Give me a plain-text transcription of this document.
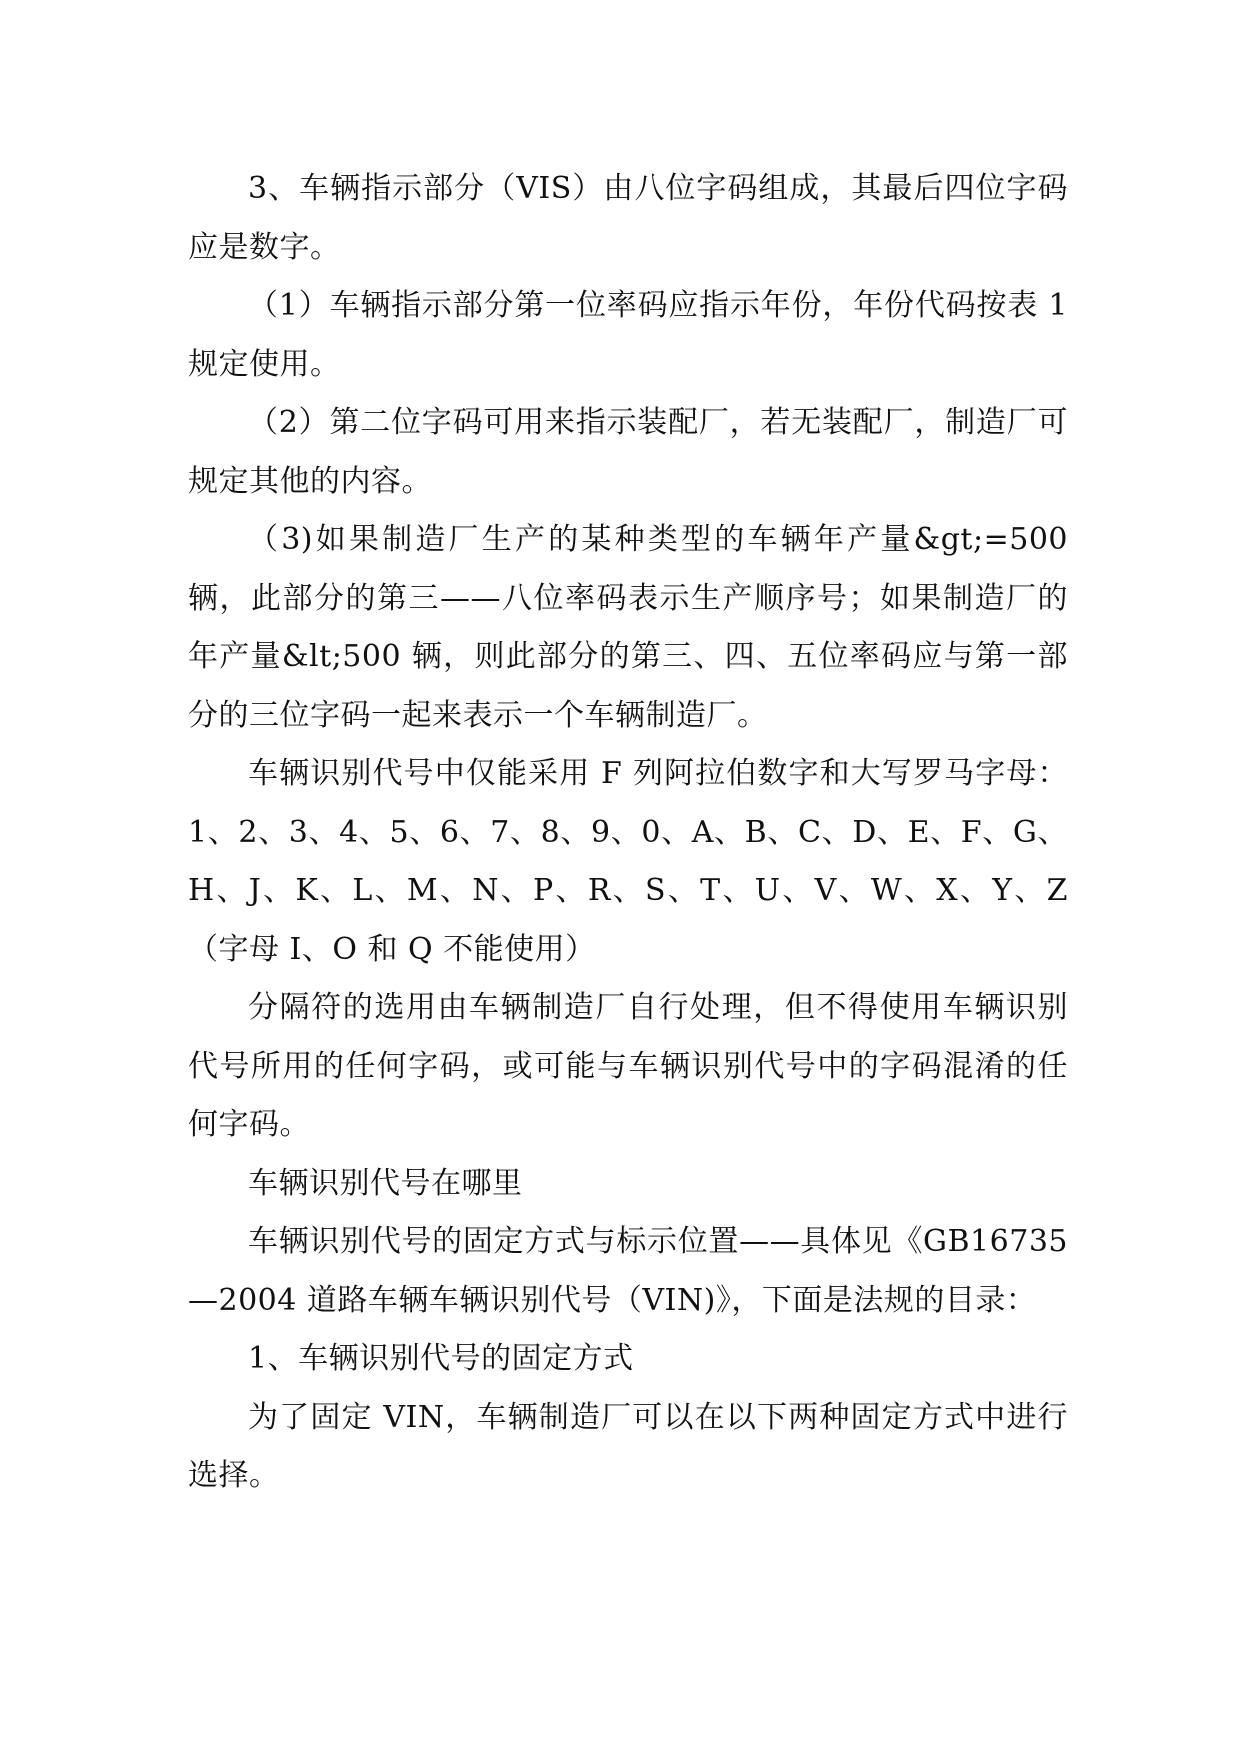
3、车辆指示部分（VIS）由八位字码组成，其最后四位字码应是数字。

（1）车辆指示部分第一位率码应指示年份，年份代码按表 1 规定使用。

（2）第二位字码可用来指示装配厂，若无装配厂，制造厂可规定其他的内容。

（3)如果制造厂生产的某种类型的车辆年产量&gt;=500 辆，此部分的第三——八位率码表示生产顺序号；如果制造厂的年产量&lt;500 辆，则此部分的第三、四、五位率码应与第一部分的三位字码一起来表示一个车辆制造厂。

车辆识别代号中仅能采用 F 列阿拉伯数字和大写罗马字母：1、2、3、4、5、6、7、8、9、0、A、B、C、D、E、F、G、H、J、K、L、M、N、P、R、S、T、U、V、W、X、Y、Z（字母 I、O 和 Q 不能使用）

分隔符的选用由车辆制造厂自行处理，但不得使用车辆识别代号所用的任何字码，或可能与车辆识别代号中的字码混淆的任何字码。

车辆识别代号在哪里

车辆识别代号的固定方式与标示位置——具体见《GB16735—2004 道路车辆车辆识别代号（VIN)》，下面是法规的目录：

1、车辆识别代号的固定方式

为了固定 VIN，车辆制造厂可以在以下两种固定方式中进行选择。
